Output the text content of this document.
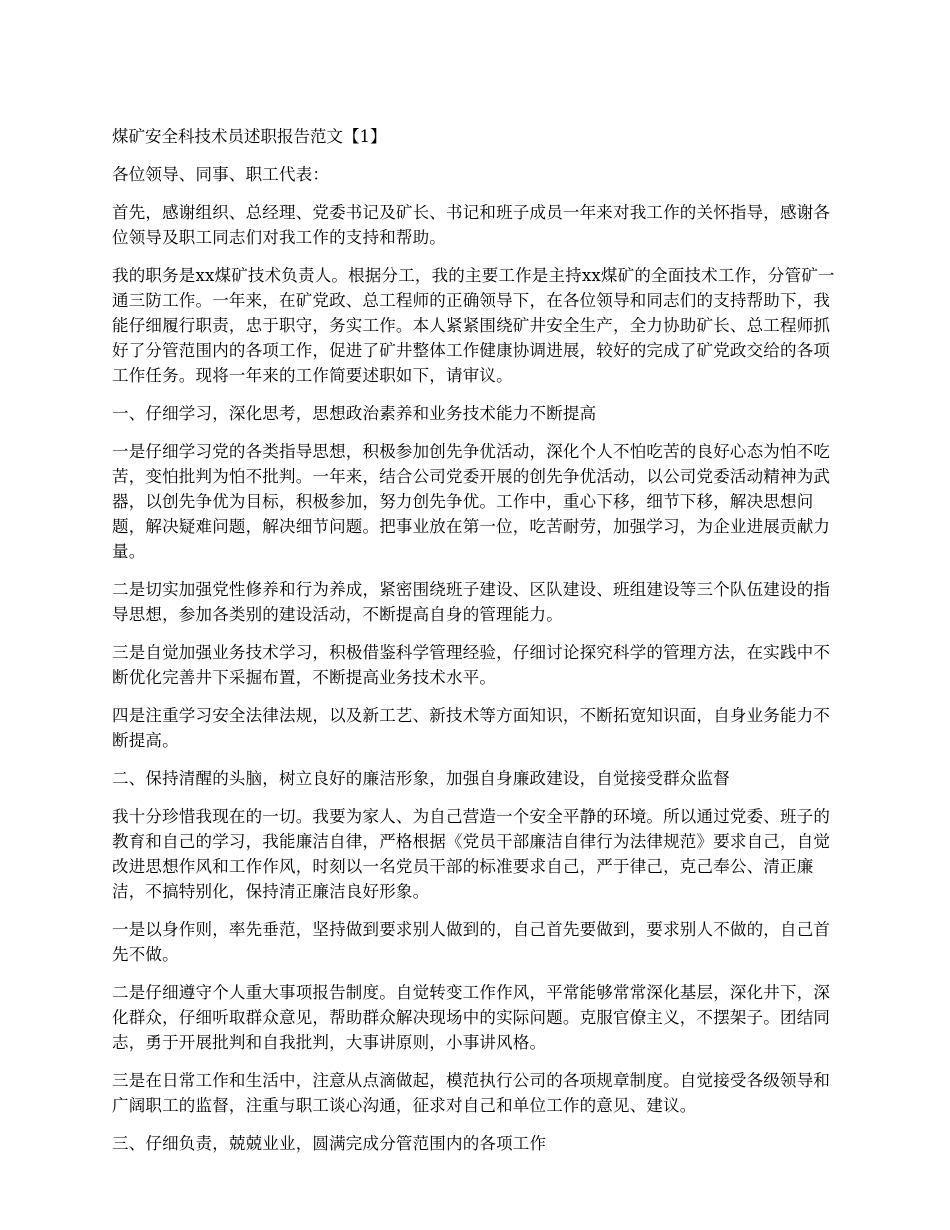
煤矿安全科技术员述职报告范文【1】

各位领导、同事、职工代表：

首先，感谢组织、总经理、党委书记及矿长、书记和班子成员一年来对我工作的关怀指导，感谢各位领导及职工同志们对我工作的支持和帮助。

我的职务是xx煤矿技术负责人。根据分工，我的主要工作是主持xx煤矿的全面技术工作，分管矿一通三防工作。一年来，在矿党政、总工程师的正确领导下，在各位领导和同志们的支持帮助下，我能仔细履行职责，忠于职守，务实工作。本人紧紧围绕矿井安全生产，全力协助矿长、总工程师抓好了分管范围内的各项工作，促进了矿井整体工作健康协调进展，较好的完成了矿党政交给的各项工作任务。现将一年来的工作简要述职如下，请审议。

一、仔细学习，深化思考，思想政治素养和业务技术能力不断提高

一是仔细学习党的各类指导思想，积极参加创先争优活动，深化个人不怕吃苦的良好心态为怕不吃苦，变怕批判为怕不批判。一年来，结合公司党委开展的创先争优活动，以公司党委活动精神为武器，以创先争优为目标，积极参加，努力创先争优。工作中，重心下移，细节下移，解决思想问题，解决疑难问题，解决细节问题。把事业放在第一位，吃苦耐劳，加强学习，为企业进展贡献力量。

二是切实加强党性修养和行为养成，紧密围绕班子建设、区队建设、班组建设等三个队伍建设的指导思想，参加各类别的建设活动，不断提高自身的管理能力。

三是自觉加强业务技术学习，积极借鉴科学管理经验，仔细讨论探究科学的管理方法，在实践中不断优化完善井下采掘布置，不断提高业务技术水平。

四是注重学习安全法律法规，以及新工艺、新技术等方面知识，不断拓宽知识面，自身业务能力不断提高。

二、保持清醒的头脑，树立良好的廉洁形象，加强自身廉政建设，自觉接受群众监督

我十分珍惜我现在的一切。我要为家人、为自己营造一个安全平静的环境。所以通过党委、班子的教育和自己的学习，我能廉洁自律，严格根据《党员干部廉洁自律行为法律规范》要求自己，自觉改进思想作风和工作作风，时刻以一名党员干部的标准要求自己，严于律己，克己奉公、清正廉洁，不搞特别化，保持清正廉洁良好形象。

一是以身作则，率先垂范，坚持做到要求别人做到的，自己首先要做到，要求别人不做的，自己首先不做。

二是仔细遵守个人重大事项报告制度。自觉转变工作作风，平常能够常常深化基层，深化井下，深化群众，仔细听取群众意见，帮助群众解决现场中的实际问题。克服官僚主义，不摆架子。团结同志，勇于开展批判和自我批判，大事讲原则，小事讲风格。

三是在日常工作和生活中，注意从点滴做起，模范执行公司的各项规章制度。自觉接受各级领导和广阔职工的监督，注重与职工谈心沟通，征求对自己和单位工作的意见、建议。

三、仔细负责，兢兢业业，圆满完成分管范围内的各项工作
